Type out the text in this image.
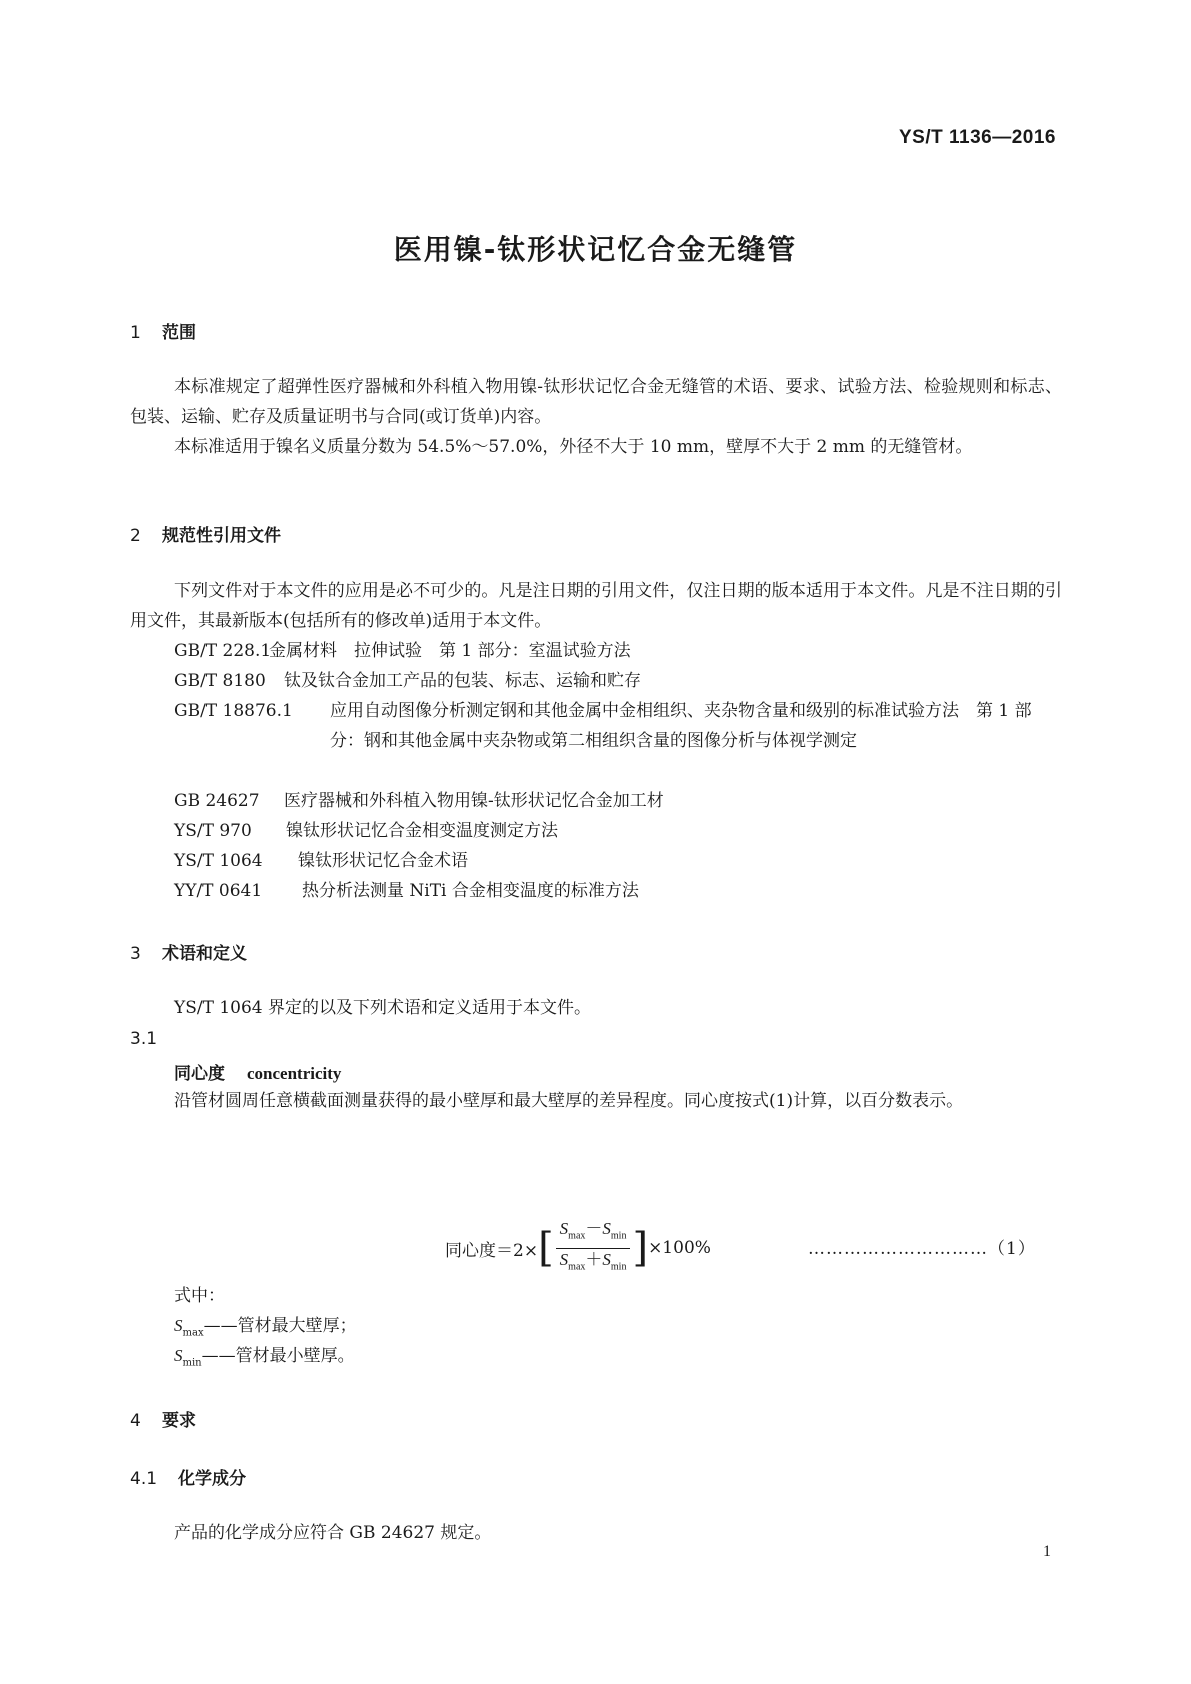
YS/T 1136—2016
医用镍-钛形状记忆合金无缝管
1 范围
本标准规定了超弹性医疗器械和外科植入物用镍-钛形状记忆合金无缝管的术语、要求、试验方法、检验规则和标志、包装、运输、贮存及质量证明书与合同(或订货单)内容。
本标准适用于镍名义质量分数为 54.5%～57.0%，外径不大于 10 mm，壁厚不大于 2 mm 的无缝管材。
2 规范性引用文件
下列文件对于本文件的应用是必不可少的。凡是注日期的引用文件，仅注日期的版本适用于本文件。凡是不注日期的引用文件，其最新版本(包括所有的修改单)适用于本文件。
GB/T 228.1金属材料　拉伸试验　第 1 部分：室温试验方法
GB/T 8180 钛及钛合金加工产品的包装、标志、运输和贮存
GB/T 18876.1	应用自动图像分析测定钢和其他金属中金相组织、夹杂物含量和级别的标准试验方法　第 1 部分：钢和其他金属中夹杂物或第二相组织含量的图像分析与体视学测定
GB 24627 医疗器械和外科植入物用镍-钛形状记忆合金加工材
YS/T 970 镍钛形状记忆合金相变温度测定方法
YS/T 1064 镍钛形状记忆合金术语
YY/T 0641 热分析法测量 NiTi 合金相变温度的标准方法
3 术语和定义
YS/T 1064 界定的以及下列术语和定义适用于本文件。
3.1
同心度 concentricity
沿管材圆周任意横截面测量获得的最小壁厚和最大壁厚的差异程度。同心度按式(1)计算，以百分数表示。
同心度＝2× [ $\frac{S_{max}-S_{min}}{S_{max}+S_{min}}$ ] ×100%	…………………………（1）
式中：
$S_{max}——$管材最大壁厚；
$S_{min}——$管材最小壁厚。
4 要求
4.1 化学成分
产品的化学成分应符合 GB 24627 规定。
1
